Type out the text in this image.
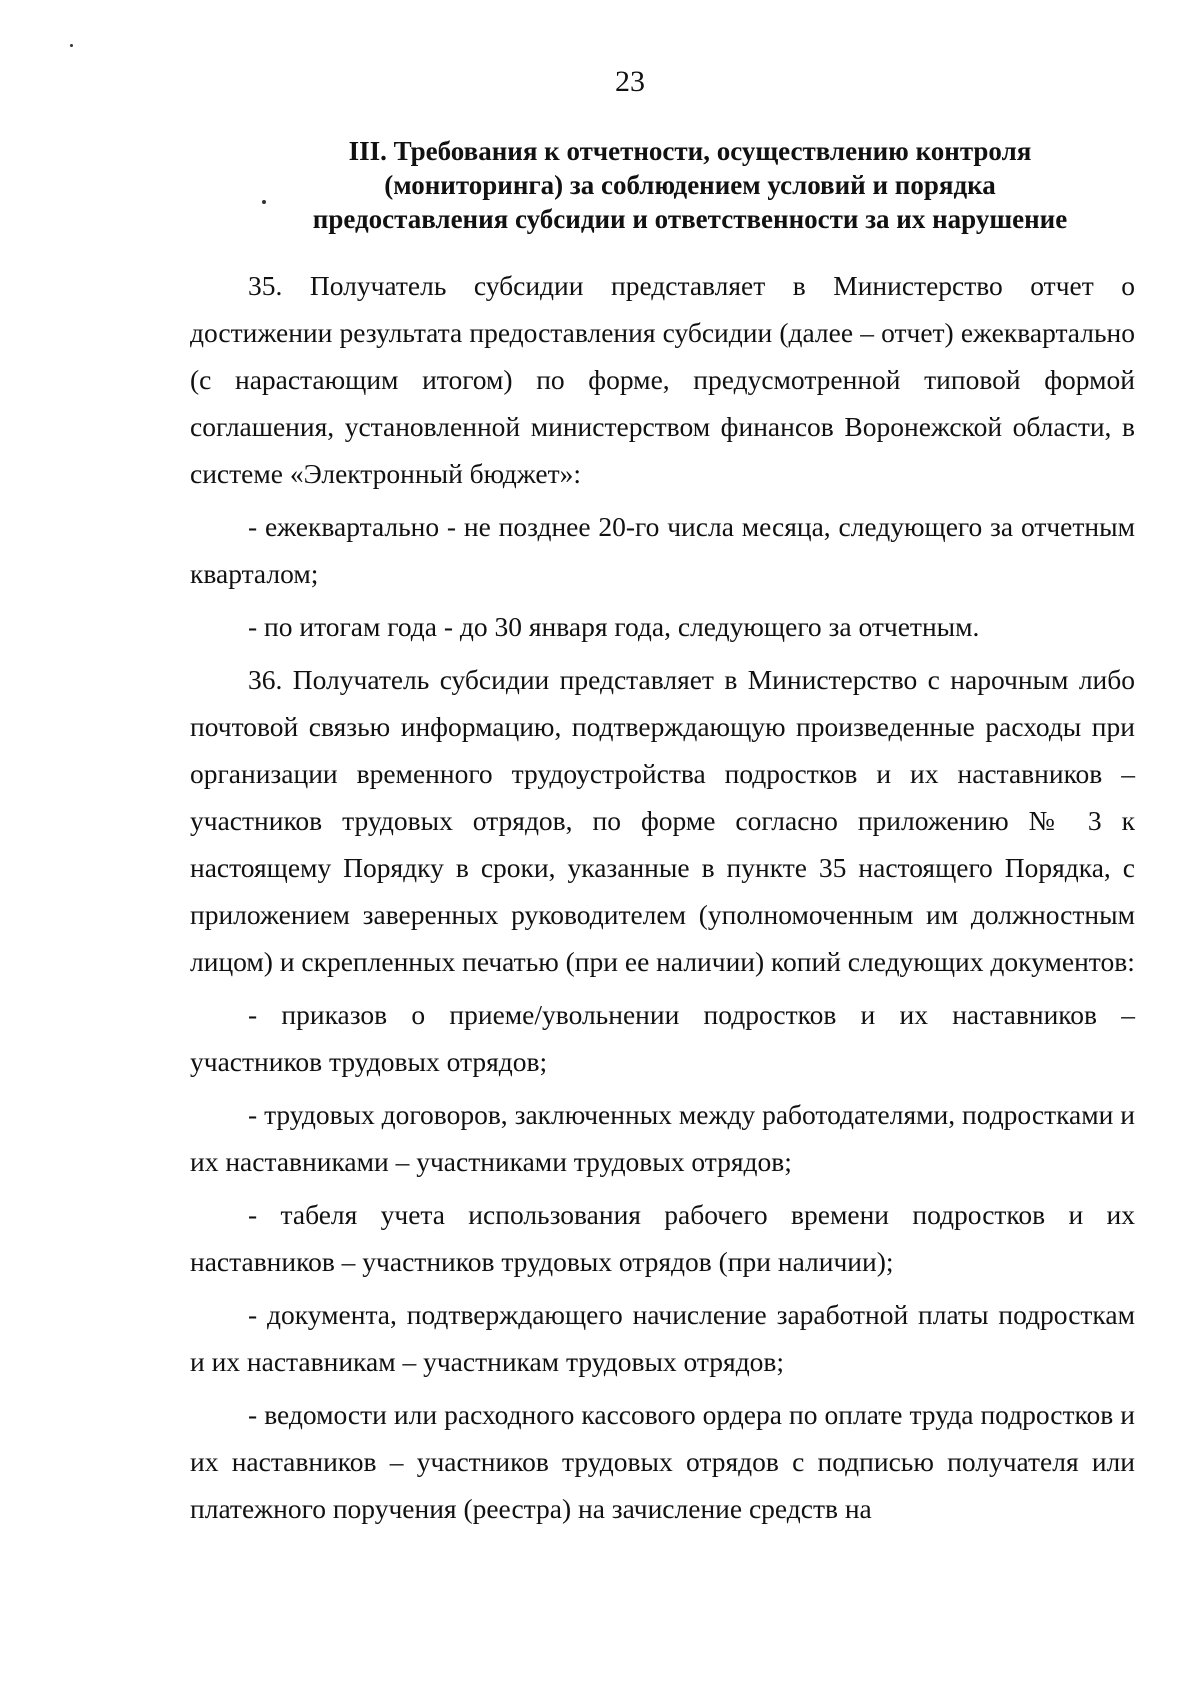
23
III. Требования к отчетности, осуществлению контроля
(мониторинга) за соблюдением условий и порядка
предоставления субсидии и ответственности за их нарушение

35. Получатель субсидии представляет в Министерство отчет о достижении результата предоставления субсидии (далее – отчет) ежеквартально (с нарастающим итогом) по форме, предусмотренной типовой формой соглашения, установленной министерством финансов Воронежской области, в системе «Электронный бюджет»:

- ежеквартально - не позднее 20-го числа месяца, следующего за отчетным кварталом;

- по итогам года - до 30 января года, следующего за отчетным.

36. Получатель субсидии представляет в Министерство с нарочным либо почтовой связью информацию, подтверждающую произведенные расходы при организации временного трудоустройства подростков и их наставников – участников трудовых отрядов, по форме согласно приложению № 3 к настоящему Порядку в сроки, указанные в пункте 35 настоящего Порядка, с приложением заверенных руководителем (уполномоченным им должностным лицом) и скрепленных печатью (при ее наличии) копий следующих документов:

- приказов о приеме/увольнении подростков и их наставников – участников трудовых отрядов;

- трудовых договоров, заключенных между работодателями, подростками и их наставниками – участниками трудовых отрядов;

- табеля учета использования рабочего времени подростков и их наставников – участников трудовых отрядов (при наличии);

- документа, подтверждающего начисление заработной платы подросткам и их наставникам – участникам трудовых отрядов;

- ведомости или расходного кассового ордера по оплате труда подростков и их наставников – участников трудовых отрядов с подписью получателя или платежного поручения (реестра) на зачисление средств на
